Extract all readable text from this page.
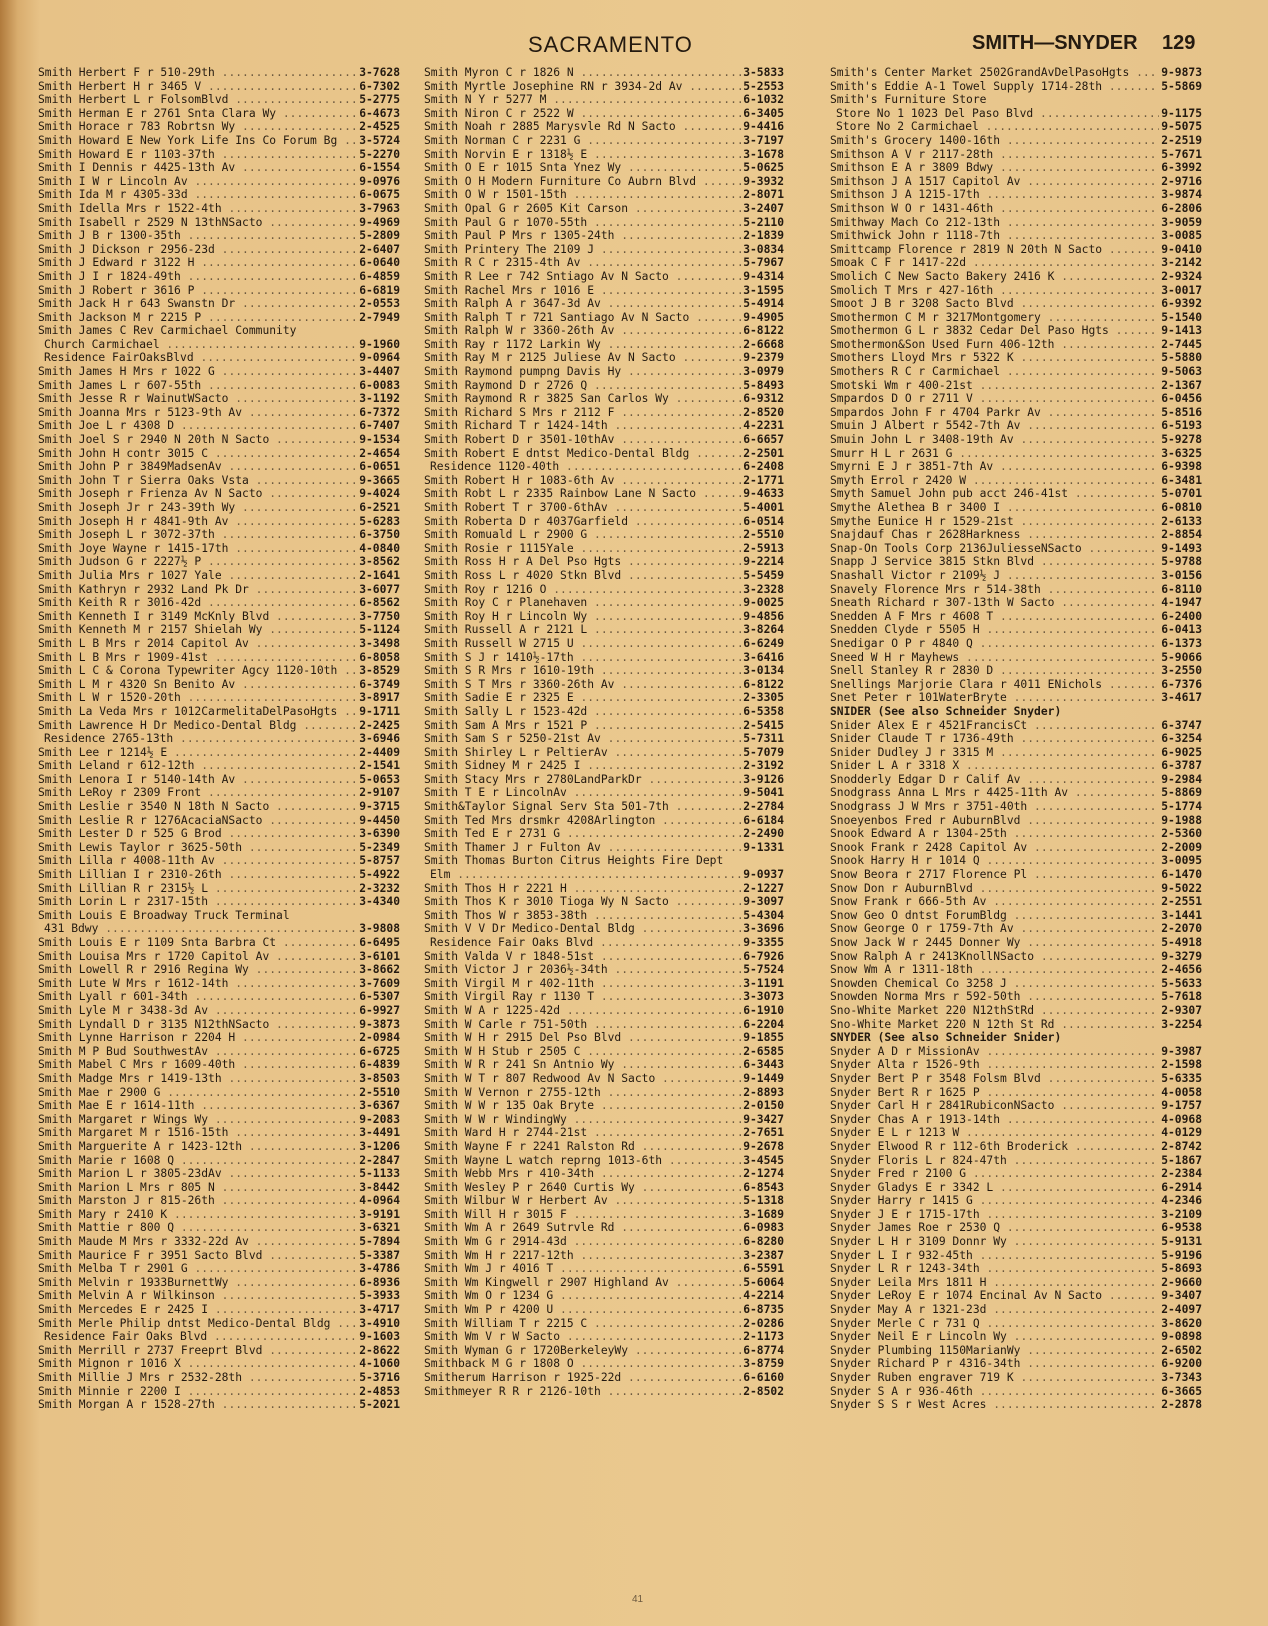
SACRAMENTO	SMITH—SNYDER 129
Smith Herbert F r 510-29th .....	3-7628
Smith Herbert H r 3465 V .....	6-7302
Smith Herbert L r FolsomBlvd .....	5-2775
Smith Herman E r 2761 Snta Clara Wy .....	6-4673
Smith Horace r 783 Robrtsn Wy .....	2-4525
Smith Howard E New York Life Ins Co Forum Bg .....	3-5724
Smith Howard E r 1103-37th .....	5-2270
Smith I Dennis r 4425-13th Av .....	6-1554
Smith I W r Lincoln Av .....	9-0976
Smith Ida M r 4305-33d .....	6-0675
Smith Idella Mrs r 1522-4th .....	3-7963
Smith Isabell r 2529 N 13thNSacto .....	9-4969
Smith J B r 1300-35th .....	5-2809
Smith J Dickson r 2956-23d .....	2-6407
Smith J Edward r 3122 H .....	6-0640
Smith J I r 1824-49th .....	6-4859
Smith J Robert r 3616 P .....	6-6819
Smith Jack H r 643 Swanstn Dr .....	2-0553
Smith Jackson M r 2215 P .....	2-7949
Smith James C Rev Carmichael Community
Church Carmichael .....	9-1960
Residence FairOaksBlvd .....	9-0964
Smith James H Mrs r 1022 G .....	3-4407
Smith James L r 607-55th .....	6-0083
Smith Jesse R r WainutWSacto .....	3-1192
Smith Joanna Mrs r 5123-9th Av .....	6-7372
Smith Joe L r 4308 D .....	6-7407
Smith Joel S r 2940 N 20th N Sacto .....	9-1534
Smith John H contr 3015 C .....	2-4654
Smith John P r 3849MadsenAv .....	6-0651
Smith John T r Sierra Oaks Vsta .....	9-3665
Smith Joseph r Frienza Av N Sacto .....	9-4024
Smith Joseph Jr r 243-39th Wy .....	6-2521
Smith Joseph H r 4841-9th Av .....	5-6283
Smith Joseph L r 3072-37th .....	6-3750
Smith Joye Wayne r 1415-17th .....	4-0840
Smith Judson G r 2227½ P .....	3-8562
Smith Julia Mrs r 1027 Yale .....	2-1641
Smith Kathryn r 2932 Land Pk Dr .....	3-6077
Smith Keith R r 3016-42d .....	6-8562
Smith Kenneth I r 3149 McKnly Blvd .....	3-7750
Smith Kenneth M r 2157 Shielah Wy .....	5-1124
Smith L B Mrs r 2014 Capitol Av .....	3-3498
Smith L B Mrs r 1909-41st .....	6-8058
Smith L C & Corona Typewriter Agcy 1120-10th .....	3-8529
Smith L M r 4320 Sn Benito Av .....	6-3749
Smith L W r 1520-20th .....	3-8917
Smith La Veda Mrs r 1012CarmelitaDelPasoHgts .....	9-1711
Smith Lawrence H Dr Medico-Dental Bldg .....	2-2425
Residence 2765-13th .....	3-6946
Smith Lee r 1214½ E .....	2-4409
Smith Leland r 612-12th .....	2-1541
Smith Lenora I r 5140-14th Av .....	5-0653
Smith LeRoy r 2309 Front .....	2-9107
Smith Leslie r 3540 N 18th N Sacto .....	9-3715
Smith Leslie R r 1276AcaciaNSacto .....	9-4450
Smith Lester D r 525 G Brod .....	3-6390
Smith Lewis Taylor r 3625-50th .....	5-2349
Smith Lilla r 4008-11th Av .....	5-8757
Smith Lillian I r 2310-26th .....	5-4922
Smith Lillian R r 2315½ L .....	2-3232
Smith Lorin L r 2317-15th .....	3-4340
Smith Louis E Broadway Truck Terminal
431 Bdwy .....	3-9808
Smith Louis E r 1109 Snta Barbra Ct .....	6-6495
Smith Louisa Mrs r 1720 Capitol Av .....	3-6101
Smith Lowell R r 2916 Regina Wy .....	3-8662
Smith Lute W Mrs r 1612-14th .....	3-7609
Smith Lyall r 601-34th .....	6-5307
Smith Lyle M r 3438-3d Av .....	6-9927
Smith Lyndall D r 3135 N12thNSacto .....	9-3873
Smith Lynne Harrison r 2204 H .....	2-0984
Smith M P Bud SouthwestAv .....	6-6725
Smith Mabel C Mrs r 1609-40th .....	6-4839
Smith Madge Mrs r 1419-13th .....	3-8503
Smith Mae r 2900 G .....	2-5510
Smith Mae E r 1614-11th .....	3-6367
Smith Margaret r Wings Wy .....	9-2083
Smith Margaret M r 1516-15th .....	3-4491
Smith Marguerite A r 1423-12th .....	3-1206
Smith Marie r 1608 Q .....	2-2847
Smith Marion L r 3805-23dAv .....	5-1133
Smith Marion L Mrs r 805 N .....	3-8442
Smith Marston J r 815-26th .....	4-0964
Smith Mary r 2410 K .....	3-9191
Smith Mattie r 800 Q .....	3-6321
Smith Maude M Mrs r 3332-22d Av .....	5-7894
Smith Maurice F r 3951 Sacto Blvd .....	5-3387
Smith Melba T r 2901 G .....	3-4786
Smith Melvin r 1933BurnettWy .....	6-8936
Smith Melvin A r Wilkinson .....	5-3933
Smith Mercedes E r 2425 I .....	3-4717
Smith Merle Philip dntst Medico-Dental Bldg .....	3-4910
Residence Fair Oaks Blvd .....	9-1603
Smith Merrill r 2737 Freeprt Blvd .....	2-8622
Smith Mignon r 1016 X .....	4-1060
Smith Millie J Mrs r 2532-28th .....	5-3716
Smith Minnie r 2200 I .....	2-4853
Smith Morgan A r 1528-27th .....	5-2021
Smith Myron C r 1826 N .....	3-5833
Smith Myrtle Josephine RN r 3934-2d Av .....	5-2553
Smith N Y r 5277 M .....	6-1032
Smith Niron C r 2522 W .....	6-3405
Smith Noah r 2885 Marysvle Rd N Sacto .....	9-4416
Smith Norman C r 2231 G .....	3-7197
Smith Norvin E r 1318½ E .....	3-1678
Smith O E r 1015 Snta Ynez Wy .....	5-0625
Smith O H Modern Furniture Co Aubrn Blvd .....	9-3932
Smith O W r 1501-15th .....	2-8071
Smith Opal G r 2605 Kit Carson .....	3-2407
Smith Paul G r 1070-55th .....	5-2110
Smith Paul P Mrs r 1305-24th .....	2-1839
Smith Printery The 2109 J .....	3-0834
Smith R C r 2315-4th Av .....	5-7967
Smith R Lee r 742 Sntiago Av N Sacto .....	9-4314
Smith Rachel Mrs r 1016 E .....	3-1595
Smith Ralph A r 3647-3d Av .....	5-4914
Smith Ralph T r 721 Santiago Av N Sacto .....	9-4905
Smith Ralph W r 3360-26th Av .....	6-8122
Smith Ray r 1172 Larkin Wy .....	2-6668
Smith Ray M r 2125 Juliese Av N Sacto .....	9-2379
Smith Raymond pumpng Davis Hy .....	3-0979
Smith Raymond D r 2726 Q .....	5-8493
Smith Raymond R r 3825 San Carlos Wy .....	6-9312
Smith Richard S Mrs r 2112 F .....	2-8520
Smith Richard T r 1424-14th .....	4-2231
Smith Robert D r 3501-10thAv .....	6-6657
Smith Robert E dntst Medico-Dental Bldg .....	2-2501
Residence 1120-40th .....	6-2408
Smith Robert H r 1083-6th Av .....	2-1771
Smith Robt L r 2335 Rainbow Lane N Sacto .....	9-4633
Smith Robert T r 3700-6thAv .....	5-4001
Smith Roberta D r 4037Garfield .....	6-0514
Smith Romuald L r 2900 G .....	2-5510
Smith Rosie r 1115Yale .....	2-5913
Smith Ross H r A Del Pso Hgts .....	9-2214
Smith Ross L r 4020 Stkn Blvd .....	5-5459
Smith Roy r 1216 O .....	3-2328
Smith Roy C r Planehaven .....	9-0025
Smith Roy H r Lincoln Wy .....	9-4856
Smith Russell A r 2121 L .....	3-8264
Smith Russell W 2715 U .....	6-6249
Smith S J r 1410½-17th .....	3-6416
Smith S R Mrs r 1610-19th .....	3-0134
Smith S T Mrs r 3360-26th Av .....	6-8122
Smith Sadie E r 2325 E .....	2-3305
Smith Sally L r 1523-42d .....	6-5358
Smith Sam A Mrs r 1521 P .....	2-5415
Smith Sam S r 5250-21st Av .....	5-7311
Smith Shirley L r PeltierAv .....	5-7079
Smith Sidney M r 2425 I .....	2-3192
Smith Stacy Mrs r 2780LandParkDr .....	3-9126
Smith T E r LincolnAv .....	9-5041
Smith&Taylor Signal Serv Sta 501-7th .....	2-2784
Smith Ted Mrs drsmkr 4208Arlington .....	6-6184
Smith Ted E r 2731 G .....	2-2490
Smith Thamer J r Fulton Av .....	9-1331
Smith Thomas Burton Citrus Heights Fire Dept
Elm .....	9-0937
Smith Thos H r 2221 H .....	2-1227
Smith Thos K r 3010 Tioga Wy N Sacto .....	9-3097
Smith Thos W r 3853-38th .....	5-4304
Smith V V Dr Medico-Dental Bldg .....	3-3696
Residence Fair Oaks Blvd .....	9-3355
Smith Valda V r 1848-51st .....	6-7926
Smith Victor J r 2036½-34th .....	5-7524
Smith Virgil M r 402-11th .....	3-1191
Smith Virgil Ray r 1130 T .....	3-3073
Smith W A r 1225-42d .....	6-1910
Smith W Carle r 751-50th .....	6-2204
Smith W H r 2915 Del Pso Blvd .....	9-1855
Smith W H Stub r 2505 C .....	2-6585
Smith W R r 241 Sn Antnio Wy .....	6-3443
Smith W T r 807 Redwood Av N Sacto .....	9-1449
Smith W Vernon r 2755-12th .....	2-8893
Smith W W r 135 Oak Bryte .....	2-0150
Smith W W r WindingWy .....	9-3427
Smith Ward H r 2744-21st .....	2-7651
Smith Wayne F r 2241 Ralston Rd .....	9-2678
Smith Wayne L watch reprng 1013-6th .....	3-4545
Smith Webb Mrs r 410-34th .....	2-1274
Smith Wesley P r 2640 Curtis Wy .....	6-8543
Smith Wilbur W r Herbert Av .....	5-1318
Smith Will H r 3015 F .....	3-1689
Smith Wm A r 2649 Sutrvle Rd .....	6-0983
Smith Wm G r 2914-43d .....	6-8280
Smith Wm H r 2217-12th .....	3-2387
Smith Wm J r 4016 T .....	6-5591
Smith Wm Kingwell r 2907 Highland Av .....	5-6064
Smith Wm O r 1234 G .....	4-2214
Smith Wm P r 4200 U .....	6-8735
Smith William T r 2215 C .....	2-0286
Smith Wm V r W Sacto .....	2-1173
Smith Wyman G r 1720BerkeleyWy .....	6-8774
Smithback M G r 1808 O .....	3-8759
Smitherum Harrison r 1925-22d .....	6-6160
Smithmeyer R R r 2126-10th .....	2-8502
Smith's Center Market 2502GrandAvDelPasoHgts .....	9-9873
Smith's Eddie A-1 Towel Supply 1714-28th .....	5-5869
Smith's Furniture Store
Store No 1 1023 Del Paso Blvd .....	9-1175
Store No 2 Carmichael .....	9-5075
Smith's Grocery 1400-16th .....	2-2519
Smithson A V r 2117-28th .....	5-7671
Smithson E A r 3809 Bdwy .....	6-3992
Smithson J A 1517 Capitol Av .....	2-9716
Smithson J A 1215-17th .....	3-9874
Smithson W O r 1431-46th .....	6-2806
Smithway Mach Co 212-13th .....	3-9059
Smithwick John r 1118-7th .....	3-0085
Smittcamp Florence r 2819 N 20th N Sacto .....	9-0410
Smoak C F r 1417-22d .....	3-2142
Smolich C New Sacto Bakery 2416 K .....	2-9324
Smolich T Mrs r 427-16th .....	3-0017
Smoot J B r 3208 Sacto Blvd .....	6-9392
Smothermon C M r 3217Montgomery .....	5-1540
Smothermon G L r 3832 Cedar Del Paso Hgts .....	9-1413
Smothermon&Son Used Furn 406-12th .....	2-7445
Smothers Lloyd Mrs r 5322 K .....	5-5880
Smothers R C r Carmichael .....	9-5063
Smotski Wm r 400-21st .....	2-1367
Smpardos D O r 2711 V .....	6-0456
Smpardos John F r 4704 Parkr Av .....	5-8516
Smuin J Albert r 5542-7th Av .....	6-5193
Smuin John L r 3408-19th Av .....	5-9278
Smurr H L r 2631 G .....	3-6325
Smyrni E J r 3851-7th Av .....	6-9398
Smyth Errol r 2420 W .....	6-3481
Smyth Samuel John pub acct 246-41st .....	5-0701
Smythe Alethea B r 3400 I .....	6-0810
Smythe Eunice H r 1529-21st .....	2-6133
Snajdauf Chas r 2628Harkness .....	2-8854
Snap-On Tools Corp 2136JuliesseNSacto .....	9-1493
Snapp J Service 3815 Stkn Blvd .....	5-9788
Snashall Victor r 2109½ J .....	3-0156
Snavely Florence Mrs r 514-38th .....	6-8110
Sneath Richard r 307-13th W Sacto .....	4-1947
Snedden A F Mrs r 4608 T .....	6-2400
Snedden Clyde r 5505 H .....	6-0413
Snedigar O P r 4840 Q .....	6-1373
Sneed W H r Mayhews .....	5-9066
Snell Stanley R r 2830 D .....	3-2550
Snellings Marjorie Clara r 4011 ENichols .....	6-7376
Snet Peter r 101WaterBryte .....	3-4617
SNIDER (See also Schneider Snyder)
Snider Alex E r 4521FrancisCt .....	6-3747
Snider Claude T r 1736-49th .....	6-3254
Snider Dudley J r 3315 M .....	6-9025
Snider L A r 3318 X .....	6-3787
Snodderly Edgar D r Calif Av .....	9-2984
Snodgrass Anna L Mrs r 4425-11th Av .....	5-8869
Snodgrass J W Mrs r 3751-40th .....	5-1774
Snoeyenbos Fred r AuburnBlvd .....	9-1988
Snook Edward A r 1304-25th .....	2-5360
Snook Frank r 2428 Capitol Av .....	2-2009
Snook Harry H r 1014 Q .....	3-0095
Snow Beora r 2717 Florence Pl .....	6-1470
Snow Don r AuburnBlvd .....	9-5022
Snow Frank r 666-5th Av .....	2-2551
Snow Geo O dntst ForumBldg .....	3-1441
Snow George O r 1759-7th Av .....	2-2070
Snow Jack W r 2445 Donner Wy .....	5-4918
Snow Ralph A r 2413KnollNSacto .....	9-3279
Snow Wm A r 1311-18th .....	2-4656
Snowden Chemical Co 3258 J .....	5-5633
Snowden Norma Mrs r 592-50th .....	5-7618
Sno-White Market 220 N12thStRd .....	2-9307
Sno-White Market 220 N 12th St Rd .....	3-2254
SNYDER (See also Schneider Snider)
Snyder A D r MissionAv .....	9-3987
Snyder Alta r 1526-9th .....	2-1598
Snyder Bert P r 3548 Folsm Blvd .....	5-6335
Snyder Bert R r 1625 P .....	4-0058
Snyder Carl H r 2841RubiconNSacto .....	9-1757
Snyder Chas A r 1913-14th .....	4-0968
Snyder E L r 1213 W .....	4-0129
Snyder Elwood R r 112-6th Broderick .....	2-8742
Snyder Floris L r 824-47th .....	5-1867
Snyder Fred r 2100 G .....	2-2384
Snyder Gladys E r 3342 L .....	6-2914
Snyder Harry r 1415 G .....	4-2346
Snyder J E r 1715-17th .....	3-2109
Snyder James Roe r 2530 Q .....	6-9538
Snyder L H r 3109 Donnr Wy .....	5-9131
Snyder L I r 932-45th .....	5-9196
Snyder L R r 1243-34th .....	5-8693
Snyder Leila Mrs 1811 H .....	2-9660
Snyder LeRoy E r 1074 Encinal Av N Sacto .....	9-3407
Snyder May A r 1321-23d .....	2-4097
Snyder Merle C r 731 Q .....	3-8620
Snyder Neil E r Lincoln Wy .....	9-0898
Snyder Plumbing 1150MarianWy .....	2-6502
Snyder Richard P r 4316-34th .....	6-9200
Snyder Ruben engraver 719 K .....	3-7343
Snyder S A r 936-46th .....	6-3665
Snyder S S r West Acres .....	2-2878
41
